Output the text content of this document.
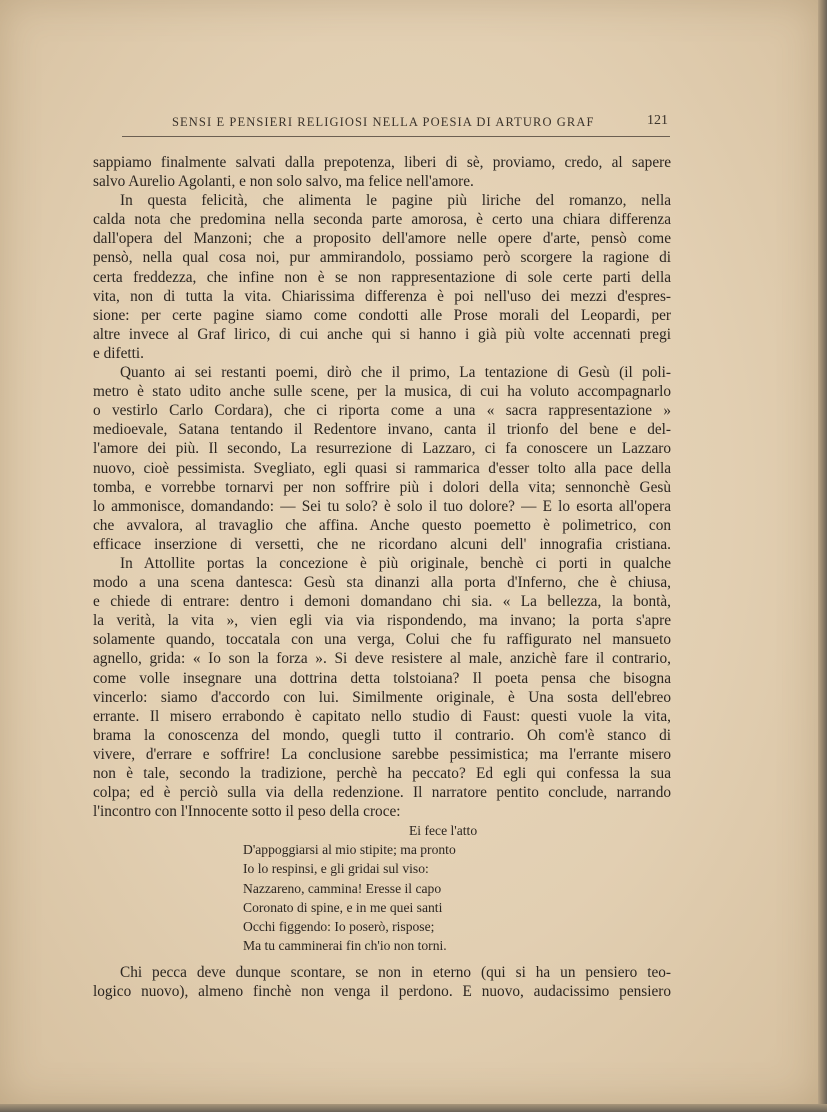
SENSI E PENSIERI RELIGIOSI NELLA POESIA DI ARTURO GRAF	121
sappiamo finalmente salvati dalla prepotenza, liberi di sè, proviamo, credo, al sapere
salvo Aurelio Agolanti, e non solo salvo, ma felice nell'amore.
In questa felicità, che alimenta le pagine più liriche del romanzo, nella
calda nota che predomina nella seconda parte amorosa, è certo una chiara differenza
dall'opera del Manzoni; che a proposito dell'amore nelle opere d'arte, pensò come
pensò, nella qual cosa noi, pur ammirandolo, possiamo però scorgere la ragione di
certa freddezza, che infine non è se non rappresentazione di sole certe parti della
vita, non di tutta la vita. Chiarissima differenza è poi nell'uso dei mezzi d'espres-
sione: per certe pagine siamo come condotti alle Prose morali del Leopardi, per
altre invece al Graf lirico, di cui anche qui si hanno i già più volte accennati pregi
e difetti.
Quanto ai sei restanti poemi, dirò che il primo, La tentazione di Gesù (il poli-
metro è stato udito anche sulle scene, per la musica, di cui ha voluto accompagnarlo
o vestirlo Carlo Cordara), che ci riporta come a una « sacra rappresentazione »
medioevale, Satana tentando il Redentore invano, canta il trionfo del bene e del-
l'amore dei più. Il secondo, La resurrezione di Lazzaro, ci fa conoscere un Lazzaro
nuovo, cioè pessimista. Svegliato, egli quasi si rammarica d'esser tolto alla pace della
tomba, e vorrebbe tornarvi per non soffrire più i dolori della vita; sennonchè Gesù
lo ammonisce, domandando: — Sei tu solo? è solo il tuo dolore? — E lo esorta all'opera
che avvalora, al travaglio che affina. Anche questo poemetto è polimetrico, con
efficace inserzione di versetti, che ne ricordano alcuni dell' innografia cristiana.
In Attollite portas la concezione è più originale, benchè ci porti in qualche
modo a una scena dantesca: Gesù sta dinanzi alla porta d'Inferno, che è chiusa,
e chiede di entrare: dentro i demoni domandano chi sia. « La bellezza, la bontà,
la verità, la vita », vien egli via via rispondendo, ma invano; la porta s'apre
solamente quando, toccatala con una verga, Colui che fu raffigurato nel mansueto
agnello, grida: « Io son la forza ». Si deve resistere al male, anzichè fare il contrario,
come volle insegnare una dottrina detta tolstoiana? Il poeta pensa che bisogna
vincerlo: siamo d'accordo con lui. Similmente originale, è Una sosta dell'ebreo
errante. Il misero errabondo è capitato nello studio di Faust: questi vuole la vita,
brama la conoscenza del mondo, quegli tutto il contrario. Oh com'è stanco di
vivere, d'errare e soffrire! La conclusione sarebbe pessimistica; ma l'errante misero
non è tale, secondo la tradizione, perchè ha peccato? Ed egli qui confessa la sua
colpa; ed è perciò sulla via della redenzione. Il narratore pentito conclude, narrando
l'incontro con l'Innocente sotto il peso della croce:
Ei fece l'atto
D'appoggiarsi al mio stipite; ma pronto
Io lo respinsi, e gli gridai sul viso:
Nazzareno, cammina! Eresse il capo
Coronato di spine, e in me quei santi
Occhi figgendo: Io poserò, rispose;
Ma tu camminerai fin ch'io non torni.
Chi pecca deve dunque scontare, se non in eterno (qui si ha un pensiero teo-
logico nuovo), almeno finchè non venga il perdono. E nuovo, audacissimo pensiero
